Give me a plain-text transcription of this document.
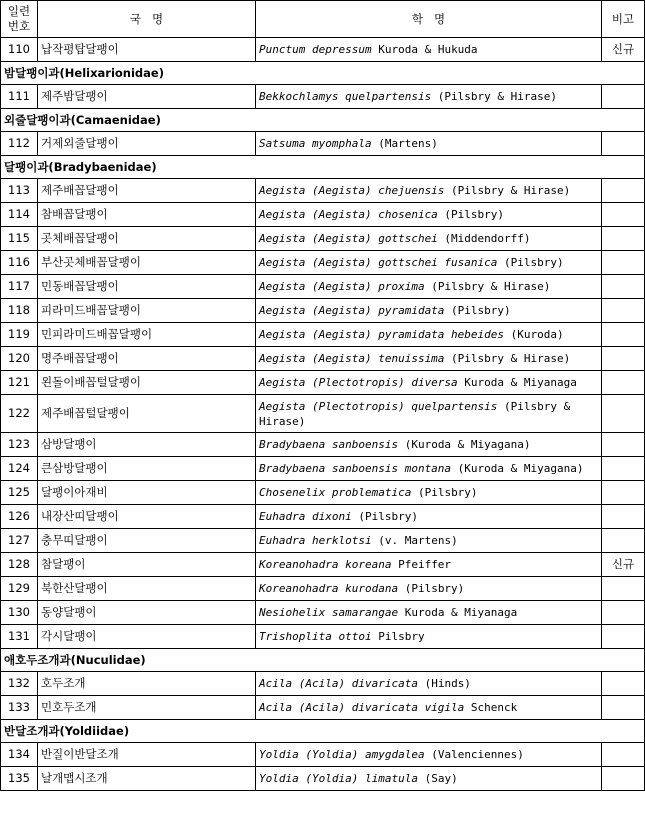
일련번호	국   명	학   명	비고
110	납작평탑달팽이	Punctum depressum Kuroda & Hukuda	신규
밤달팽이과(Helixarionidae)			
111	제주밤달팽이	Bekkochlamys quelpartensis (Pilsbry & Hirase)	
외줄달팽이과(Camaenidae)			
112	거제외줄달팽이	Satsuma myomphala (Martens)	
달팽이과(Bradybaenidae)			
113	제주배꼽달팽이	Aegista (Aegista) chejuensis (Pilsbry & Hirase)	
114	참배꼽달팽이	Aegista (Aegista) chosenica (Pilsbry)	
115	곳체배꼽달팽이	Aegista (Aegista) gottschei (Middendorff)	
116	부산곳체배꼽달팽이	Aegista (Aegista) gottschei fusanica (Pilsbry)	
117	민동배꼽달팽이	Aegista (Aegista) proxima (Pilsbry & Hirase)	
118	피라미드배꼽달팽이	Aegista (Aegista) pyramidata (Pilsbry)	
119	민피라미드배꼽달팽이	Aegista (Aegista) pyramidata hebeides (Kuroda)	
120	명주배꼽달팽이	Aegista (Aegista) tenuissima (Pilsbry & Hirase)	
121	왼돌이배꼽털달팽이	Aegista (Plectotropis) diversa Kuroda & Miyanaga	
122	제주배꼽털달팽이	Aegista (Plectotropis) quelpartensis (Pilsbry & Hirase)	
123	삼방달팽이	Bradybaena sanboensis (Kuroda & Miyagana)	
124	큰삼방달팽이	Bradybaena sanboensis montana (Kuroda & Miyagana)	
125	달팽이아재비	Chosenelix problematica (Pilsbry)	
126	내장산띠달팽이	Euhadra dixoni (Pilsbry)	
127	충무띠달팽이	Euhadra herklotsi (v. Martens)	
128	참달팽이	Koreanohadra koreana Pfeiffer	신규
129	북한산달팽이	Koreanohadra kurodana (Pilsbry)	
130	동양달팽이	Nesiohelix samarangae Kuroda & Miyanaga	
131	각시달팽이	Trishoplita ottoi Pilsbry	
애호두조개과(Nuculidae)			
132	호두조개	Acila (Acila) divaricata (Hinds)	
133	민호두조개	Acila (Acila) divaricata vigila Schenck	
반달조개과(Yoldiidae)			
134	반질이반달조개	Yoldia (Yoldia) amygdalea (Valenciennes)	
135	날개맵시조개	Yoldia (Yoldia) limatula (Say)	
